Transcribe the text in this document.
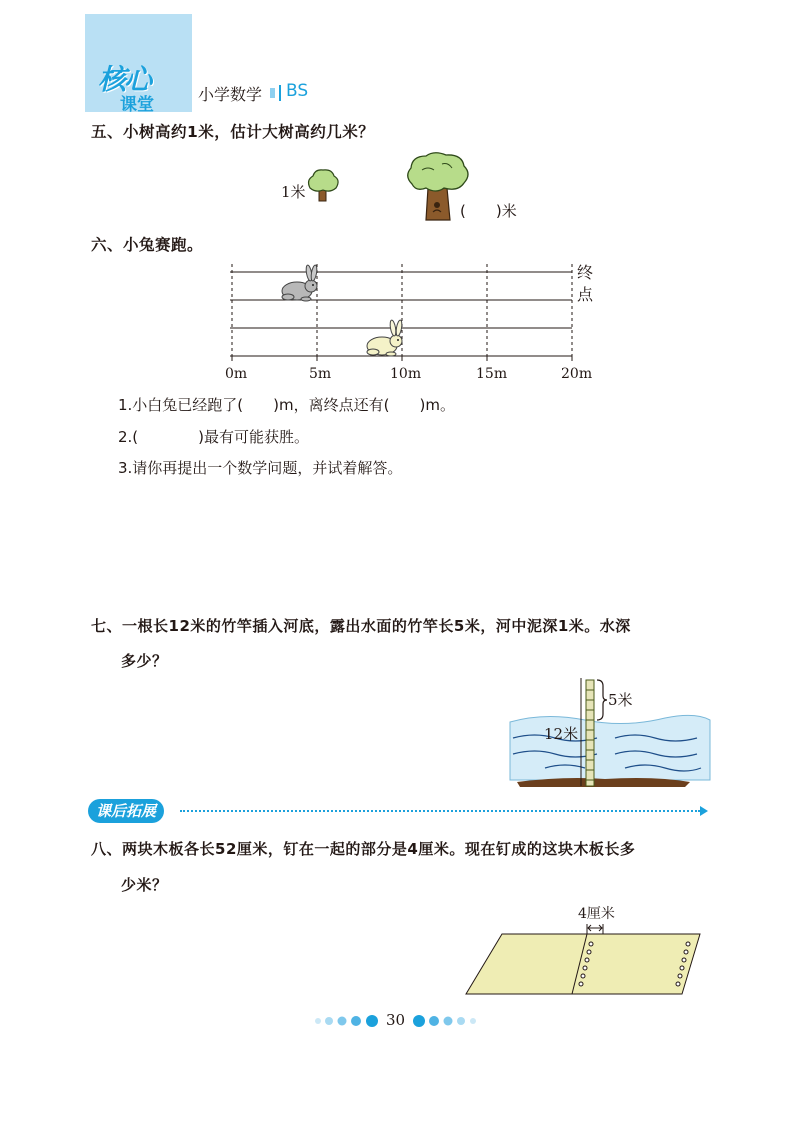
核心
课堂
小学数学 BS
五、小树高约1米，估计大树高约几米？
1米
(　　)米
六、小兔赛跑。
终点
0m	5m	10m	15m	20m
1.小白兔已经跑了(　　)m，离终点还有(　　)m。
2.(　　　　)最有可能获胜。
3.请你再提出一个数学问题，并试着解答。
七、一根长12米的竹竿插入河底，露出水面的竹竿长5米，河中泥深1米。水深
多少？
5米
12米
课后拓展
八、两块木板各长52厘米，钉在一起的部分是4厘米。现在钉成的这块木板长多
少米？
4厘米
30
